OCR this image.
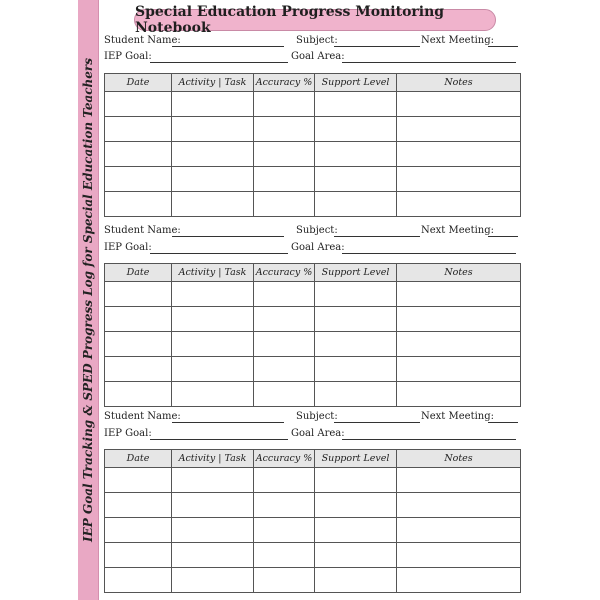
IEP Goal Tracking & SPED Progress Log for Special Education Teachers
Special Education Progress Monitoring Notebook
Student Name:	Subject:	Next Meeting:
IEP Goal:	Goal Area:
Date	Activity | Task	Accuracy %	Support Level	Notes

Student Name:	Subject:	Next Meeting:
IEP Goal:	Goal Area:
Date	Activity | Task	Accuracy %	Support Level	Notes

Student Name:	Subject:	Next Meeting:
IEP Goal:	Goal Area:
Date	Activity | Task	Accuracy %	Support Level	Notes
